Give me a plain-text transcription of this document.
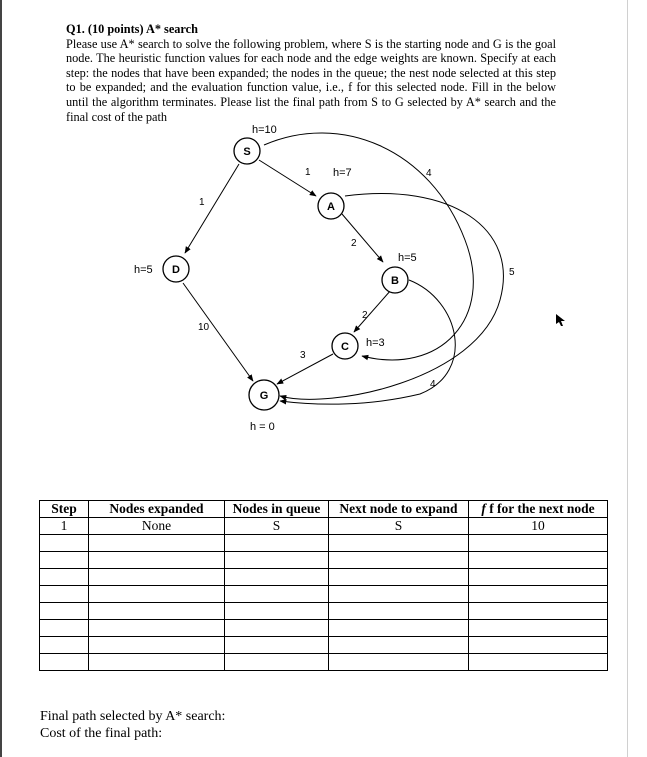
Q1. (10 points) A* search
Please use A* search to solve the following problem, where S is the starting node and G is the goal node. The heuristic function values for each node and the edge weights are known. Specify at each step: the nodes that have been expanded; the nodes in the queue; the nest node selected at this step to be expanded; and the evaluation function value, i.e., f for this selected node. Fill in the below until the algorithm terminates. Please list the final path from S to G selected by A* search and the final cost of the path
1
1
2
2
10
3
4
5
4
S
A
B
C
D
G
h=10
h=7
h=5
h=3
h=5
h = 0
Step	Nodes expanded	Nodes in queue	Next node to expand	f f for the next node
1	None	S	S	10

Final path selected by A* search:
Cost of the final path:
